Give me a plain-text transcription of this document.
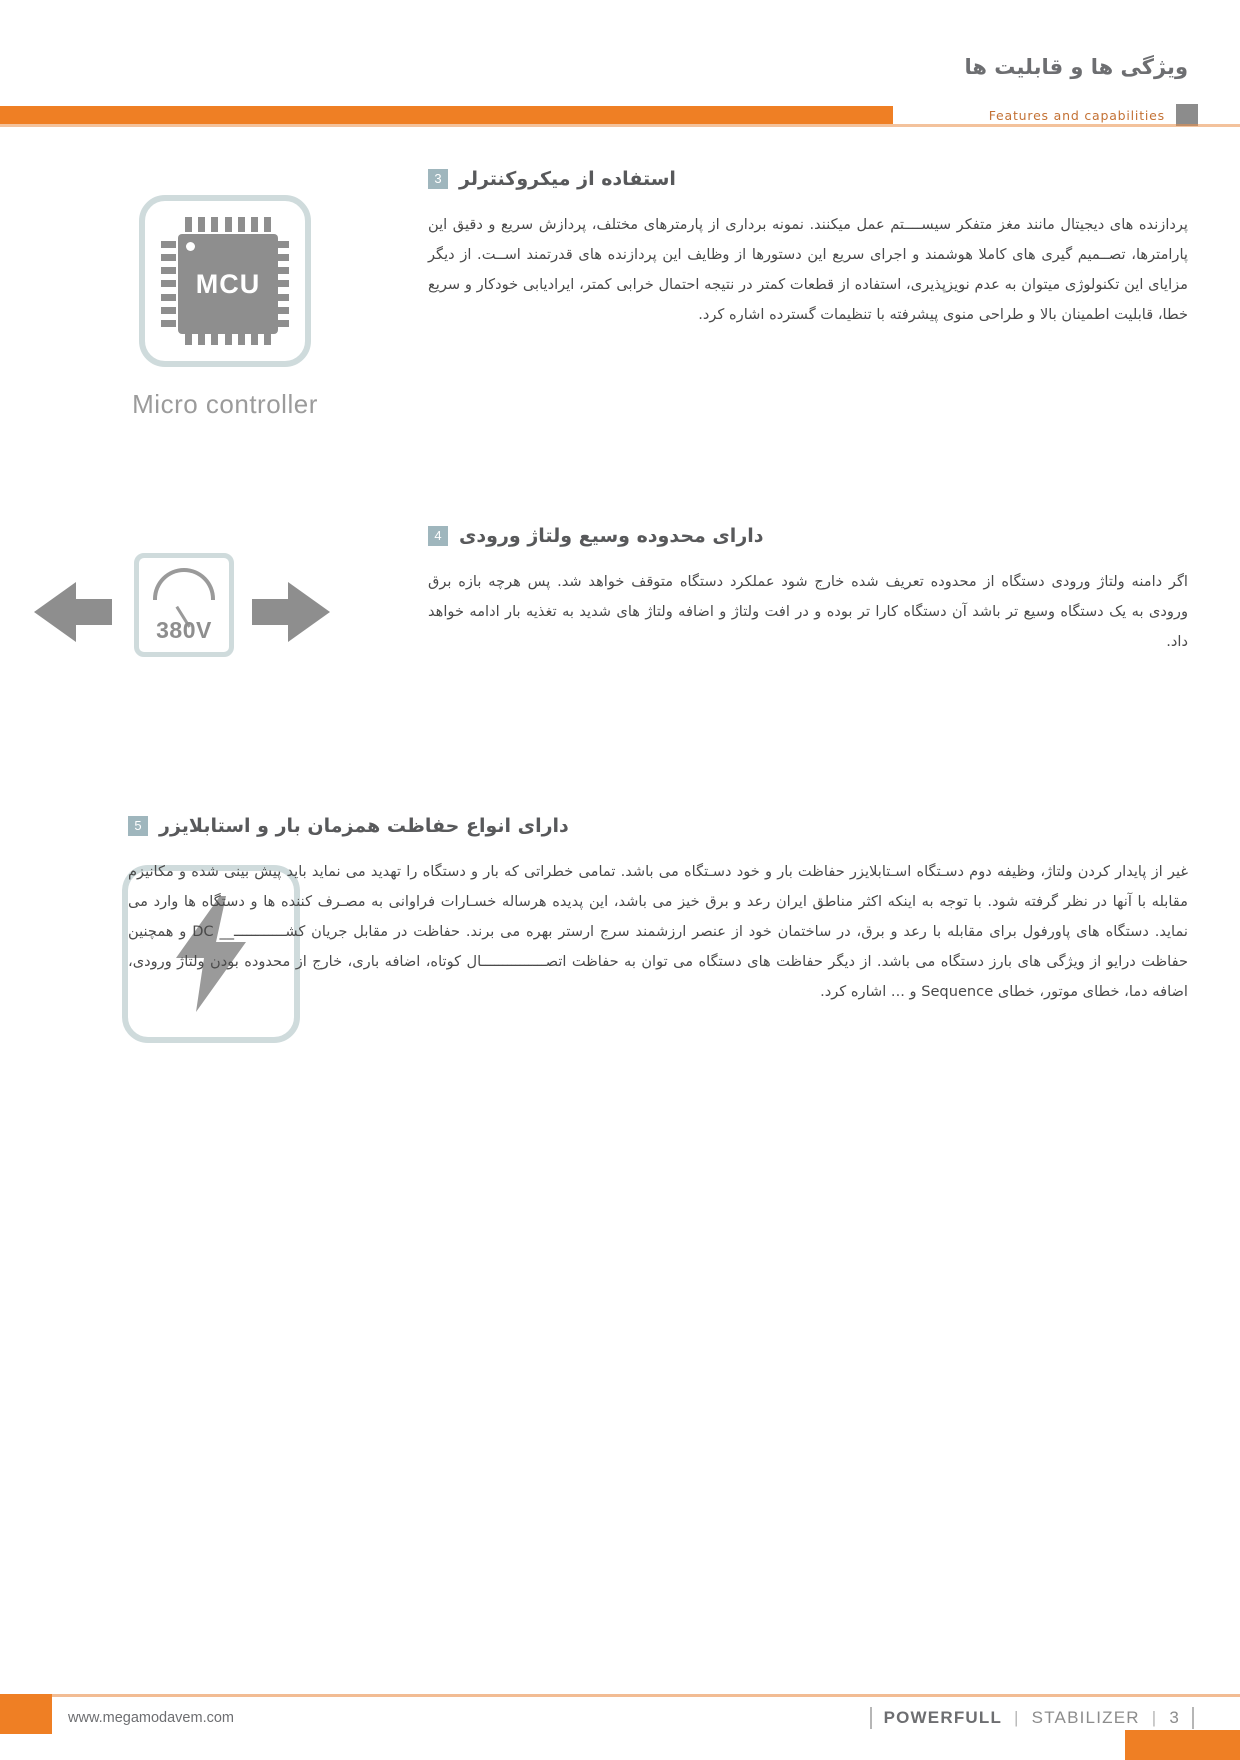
ویژگی ها و قابلیت ها
Features and capabilities
MCU
Micro controller
3 استفاده از میکروکنترلر
پردازنده های دیجیتال مانند مغز متفکر سیســــتم عمل میکنند. نمونه برداری از پارمترهای مختلف، پردازش سریع و دقیق این پارامترها، تصــمیم گیری های کاملا هوشمند و اجرای سریع این دستورها از وظایف این پردازنده های قدرتمند اســت. از دیگر مزایای این تکنولوژی میتوان به عدم نویزپذیری، استفاده از قطعات کمتر در نتیجه احتمال خرابی کمتر، ایرادیابی خودکار و سریع خطا، قابلیت اطمینان بالا و طراحی منوی پیشرفته با تنظیمات گسترده اشاره کرد.
380V
4 دارای محدوده وسیع ولتاژ ورودی
اگر دامنه ولتاژ ورودی دستگاه از محدوده تعریف شده خارج شود عملکرد دستگاه متوقف خواهد شد. پس هرچه بازه برق ورودی به یک دستگاه وسیع تر باشد آن دستگاه کارا تر بوده و در افت ولتاژ و اضافه ولتاژ های شدید به تغذیه بار ادامه خواهد داد.
5 دارای انواع حفاظت همزمان بار و استابلایزر
غیر از پایدار کردن ولتاژ، وظیفه دوم دسـتگاه اسـتابلایزر حفاظت بار و خود دسـتگاه می باشد. تمامی خطراتی که بار و دستگاه را تهدید می نماید باید پیش بینی شده و مکانیزم مقابله با آنها در نظر گرفته شود. با توجه به اینکه اکثر مناطق ایران رعد و برق خیز می باشد، این پدیده هرساله خسـارات فراوانی به مصـرف کننده ها و دستگاه ها وارد می نماید. دستگاه های پاورفول برای مقابله با رعد و برق، در ساختمان خود از عنصر ارزشمند سرج ارستر بهره می برند. حفاظت در مقابل جریان کشــــــــــــ__ DC و همچنین حفاظت درایو از ویژگی های بارز دستگاه می باشد. از دیگر حفاظت های دستگاه می توان به حفاظت اتصـــــــــــــــال کوتاه، اضافه باری، خارج از محدوده بودن ولتاژ ورودی، اضافه دما، خطای موتور، خطای Sequence و ... اشاره کرد.
www.megamodavem.com	POWERFULL | STABILIZER | 3
